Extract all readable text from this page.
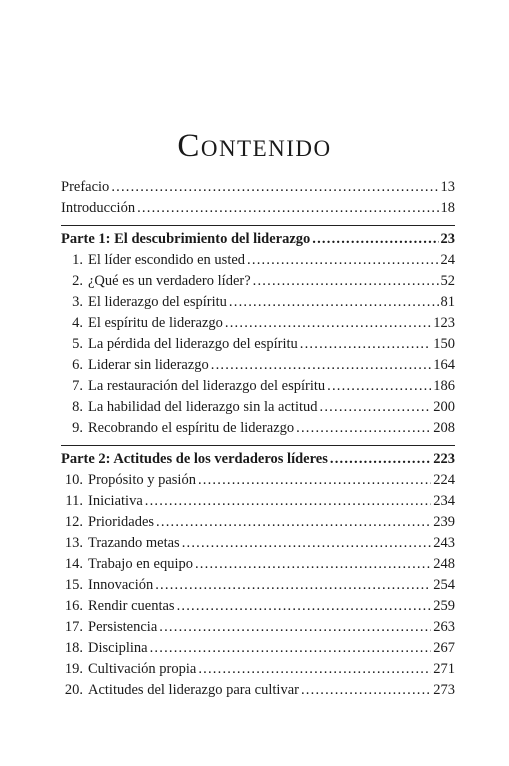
Contenido
Prefacio .....	13
Introducción .....	18
Parte 1: El descubrimiento del liderazgo .....	23
1. El líder escondido en usted .....	24
2. ¿Qué es un verdadero líder? .....	52
3. El liderazgo del espíritu .....	81
4. El espíritu de liderazgo .....	123
5. La pérdida del liderazgo del espíritu .....	150
6. Liderar sin liderazgo .....	164
7. La restauración del liderazgo del espíritu .....	186
8. La habilidad del liderazgo sin la actitud .....	200
9. Recobrando el espíritu de liderazgo .....	208
Parte 2: Actitudes de los verdaderos líderes .....	223
10. Propósito y pasión .....	224
11. Iniciativa .....	234
12. Prioridades .....	239
13. Trazando metas .....	243
14. Trabajo en equipo .....	248
15. Innovación .....	254
16. Rendir cuentas .....	259
17. Persistencia .....	263
18. Disciplina .....	267
19. Cultivación propia .....	271
20. Actitudes del liderazgo para cultivar .....	273
